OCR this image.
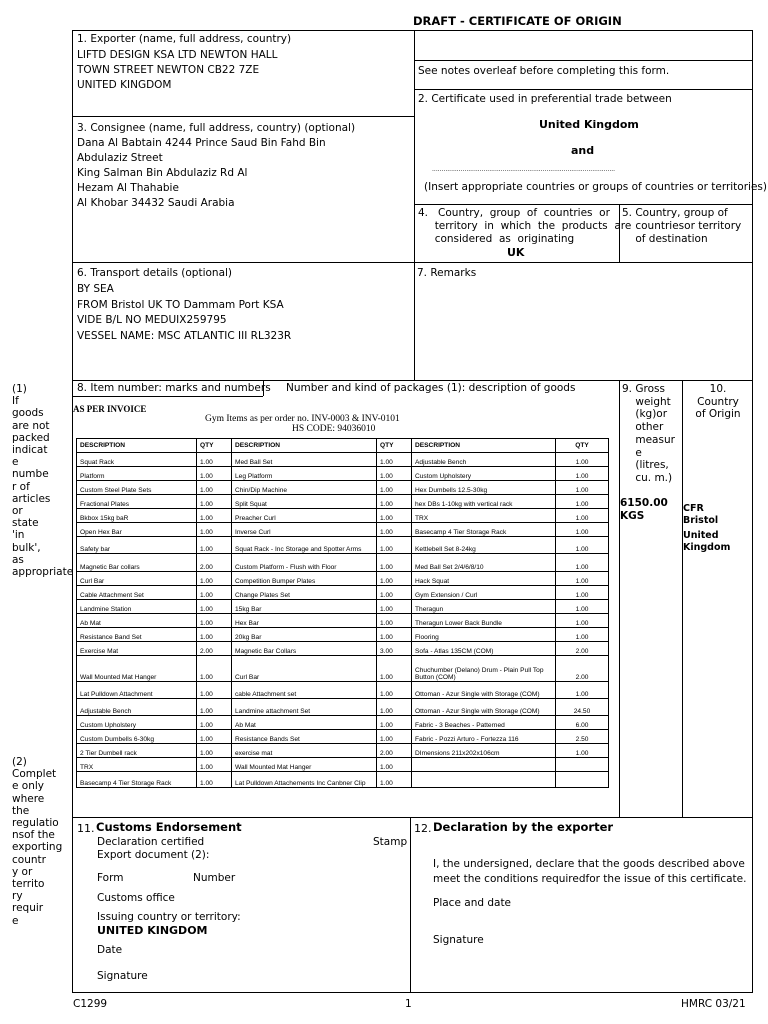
DRAFT - CERTIFICATE OF ORIGIN
1. Exporter (name, full address, country)
LIFTD DESIGN KSA LTD NEWTON HALL
TOWN STREET NEWTON CB22 7ZE
UNITED KINGDOM
See notes overleaf before completing this form.
2. Certificate used in preferential trade between
United Kingdom
and
................................................................................................
(Insert appropriate countries or groups of countries or territories)
3. Consignee (name, full address, country) (optional)
Dana Al Babtain 4244 Prince Saud Bin Fahd Bin
Abdulaziz Street
King Salman Bin Abdulaziz Rd Al
Hezam Al Thahabie
Al Khobar 34432 Saudi Arabia
4.   Country,  group  of  countries  or
territory  in  which  the  products  are
considered  as  originating
UK
5. Country, group of
countriesor territory
of destination
6. Transport details (optional)
BY SEA
FROM Bristol UK TO Dammam Port KSA
VIDE B/L NO MEDUIX259795
VESSEL NAME: MSC ATLANTIC III RL323R
7. Remarks
(1)
If
goods
are not
packed
indicat
e
numbe
r of
articles
or
state
'in
bulk',
as
appropriate
(2)
Complet
e only
where
the
regulatio
nsof the
exporting
countr
y or
territo
ry
requir
e
8. Item number: marks and numbers Number and kind of packages (1): description of goods
AS PER INVOICE
Gym Items as per order no. INV-0003 & INV-0101
HS CODE: 94036010
DESCRIPTION	QTY	DESCRIPTION	QTY	DESCRIPTION	QTY
Squat Rack	1.00	Med Ball Set	1.00	Adjustable Bench	1.00
Platform	1.00	Leg Platform	1.00	Custom Upholstery	1.00
Custom Steel Plate Sets	1.00	Chin/Dip Machine	1.00	Hex Dumbells 12.5-30kg	1.00
Fractional Plates	1.00	Split Squat	1.00	hex DBs 1-10kg with vertical rack	1.00
Bkbox 15kg baR	1.00	Preacher Curl	1.00	TRX	1.00
Open Hex Bar	1.00	Inverse Curl	1.00	Basecamp 4 Tier Storage Rack	1.00
Safety bar	1.00	Squat Rack - Inc Storage and Spotter Arms	1.00	Kettlebell Set 8-24kg	1.00
Magnetic Bar collars	2.00	Custom Platform - Flush with Floor	1.00	Med Ball Set 2/4/6/8/10	1.00
Curl Bar	1.00	Competition Bumper Plates	1.00	Hack Squat	1.00
Cable Attachment Set	1.00	Change Plates Set	1.00	Gym Extension / Curl	1.00
Landmine Station	1.00	15kg Bar	1.00	Theragun	1.00
Ab Mat	1.00	Hex Bar	1.00	Theragun Lower Back Bundle	1.00
Resistance Band Set	1.00	20kg Bar	1.00	Flooring	1.00
Exercise Mat	2.00	Magnetic Bar Collars	3.00	Sofa - Atlas 135CM (COM)	2.00
Wall Mounted Mat Hanger	1.00	Curl Bar	1.00	Chuchumber (Delano) Drum - Plain Pull Top Button (COM)	2.00
Lat Pulldown Attachment	1.00	cable Attachment set	1.00	Ottoman - Azur Single with Storage (COM)	1.00
Adjustable Bench	1.00	Landmine attachment Set	1.00	Ottoman - Azur Single with Storage (COM)	24.50
Custom Upholstery	1.00	Ab Mat	1.00	Fabric - 3 Beaches - Patterned	6.00
Custom Dumbells 6-30kg	1.00	Resistance Bands Set	1.00	Fabric - Pozzi Arturo - Fortezza 116	2.50
2 Tier Dumbell rack	1.00	exercise mat	2.00	DImensions 211x202x106cm	1.00
TRX	1.00	Wall Mounted Mat Hanger	1.00		
Basecamp 4 Tier Storage Rack	1.00	Lat Pulldown Attachements Inc Canbner Clip	1.00		
9. Gross
weight
(kg)or
other
measur
e
(litres,
cu. m.)
6150.00
KGS
10.
Country
of Origin
CFR
Bristol
United
Kingdom
11. Customs Endorsement
Declaration certified	Stamp
Export document (2):
Form	Number
Customs office
Issuing country or territory:
UNITED KINGDOM
Date
Signature
12. Declaration by the exporter
I, the undersigned, declare that the goods described above
meet the conditions requiredfor the issue of this certificate.
Place and date
Signature
C1299	1	HMRC 03/21
